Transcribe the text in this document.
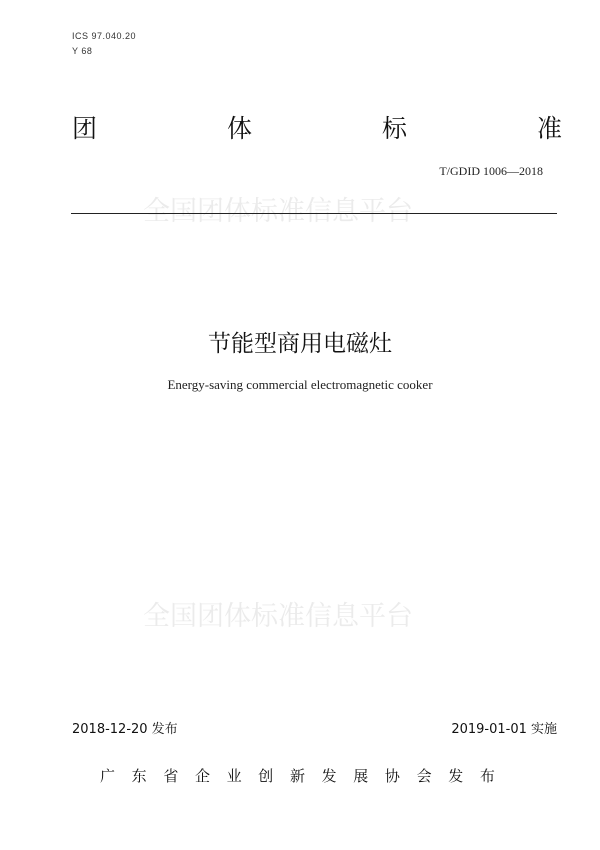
ICS 97.040.20
Y 68
团	体	标	准
T/GDID 1006—2018
全国团体标准信息平台
节能型商用电磁灶
Energy-saving commercial electromagnetic cooker
全国团体标准信息平台
2018-12-20 发布	2019-01-01 实施
广 东 省 企 业 创 新 发 展 协 会 发 布
